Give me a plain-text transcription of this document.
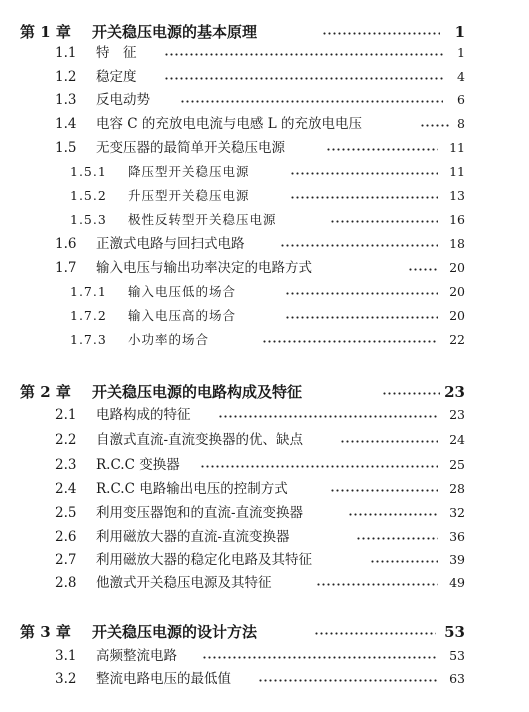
第 1 章 开关稳压电源的基本原理	1
1.1 特　征	1
1.2 稳定度	4
1.3 反电动势	6
1.4 电容 C 的充放电电流与电感 L 的充放电电压	8
1.5 无变压器的最简单开关稳压电源	11
1.5.1 降压型开关稳压电源	11
1.5.2 升压型开关稳压电源	13
1.5.3 极性反转型开关稳压电源	16
1.6 正激式电路与回扫式电路	18
1.7 输入电压与输出功率决定的电路方式	20
1.7.1 输入电压低的场合	20
1.7.2 输入电压高的场合	20
1.7.3 小功率的场合	22
第 2 章 开关稳压电源的电路构成及特征	23
2.1 电路构成的特征	23
2.2 自激式直流-直流变换器的优、缺点	24
2.3 R.C.C 变换器	25
2.4 R.C.C 电路输出电压的控制方式	28
2.5 利用变压器饱和的直流-直流变换器	32
2.6 利用磁放大器的直流-直流变换器	36
2.7 利用磁放大器的稳定化电路及其特征	39
2.8 他激式开关稳压电源及其特征	49
第 3 章 开关稳压电源的设计方法	53
3.1 高频整流电路	53
3.2 整流电路电压的最低值	63
